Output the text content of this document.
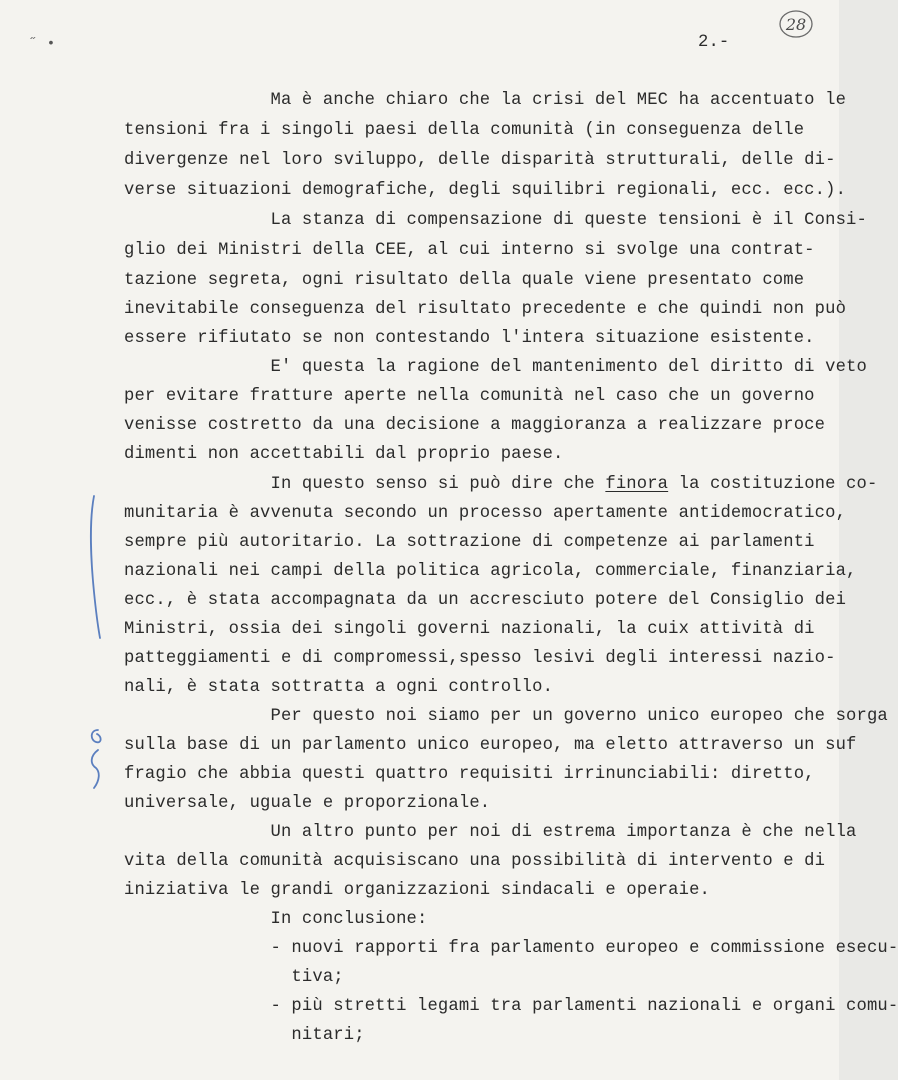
˝ •	2.-
28
Ma è anche chiaro che la crisi del MEC ha accentuato le
tensioni fra i singoli paesi della comunità (in conseguenza delle
divergenze nel loro sviluppo, delle disparità strutturali, delle di-
verse situazioni demografiche, degli squilibri regionali, ecc. ecc.).
La stanza di compensazione di queste tensioni è il Consi-
glio dei Ministri della CEE, al cui interno si svolge una contrat-
tazione segreta, ogni risultato della quale viene presentato come
inevitabile conseguenza del risultato precedente e che quindi non può
essere rifiutato se non contestando l'intera situazione esistente.
E' questa la ragione del mantenimento del diritto di veto
per evitare fratture aperte nella comunità nel caso che un governo
venisse costretto da una decisione a maggioranza a realizzare proce
dimenti non accettabili dal proprio paese.
In questo senso si può dire che finora la costituzione co-
munitaria è avvenuta secondo un processo apertamente antidemocratico,
sempre più autoritario. La sottrazione di competenze ai parlamenti
nazionali nei campi della politica agricola, commerciale, finanziaria,
ecc., è stata accompagnata da un accresciuto potere del Consiglio dei
Ministri, ossia dei singoli governi nazionali, la cuix attività di
patteggiamenti e di compromessi,spesso lesivi degli interessi nazio-
nali, è stata sottratta a ogni controllo.
Per questo noi siamo per un governo unico europeo che sorga
sulla base di un parlamento unico europeo, ma eletto attraverso un suf
fragio che abbia questi quattro requisiti irrinunciabili: diretto,
universale, uguale e proporzionale.
Un altro punto per noi di estrema importanza è che nella
vita della comunità acquisiscano una possibilità di intervento e di
iniziativa le grandi organizzazioni sindacali e operaie.
In conclusione:
- nuovi rapporti fra parlamento europeo e commissione esecu-
tiva;
- più stretti legami tra parlamenti nazionali e organi comu-
nitari;
